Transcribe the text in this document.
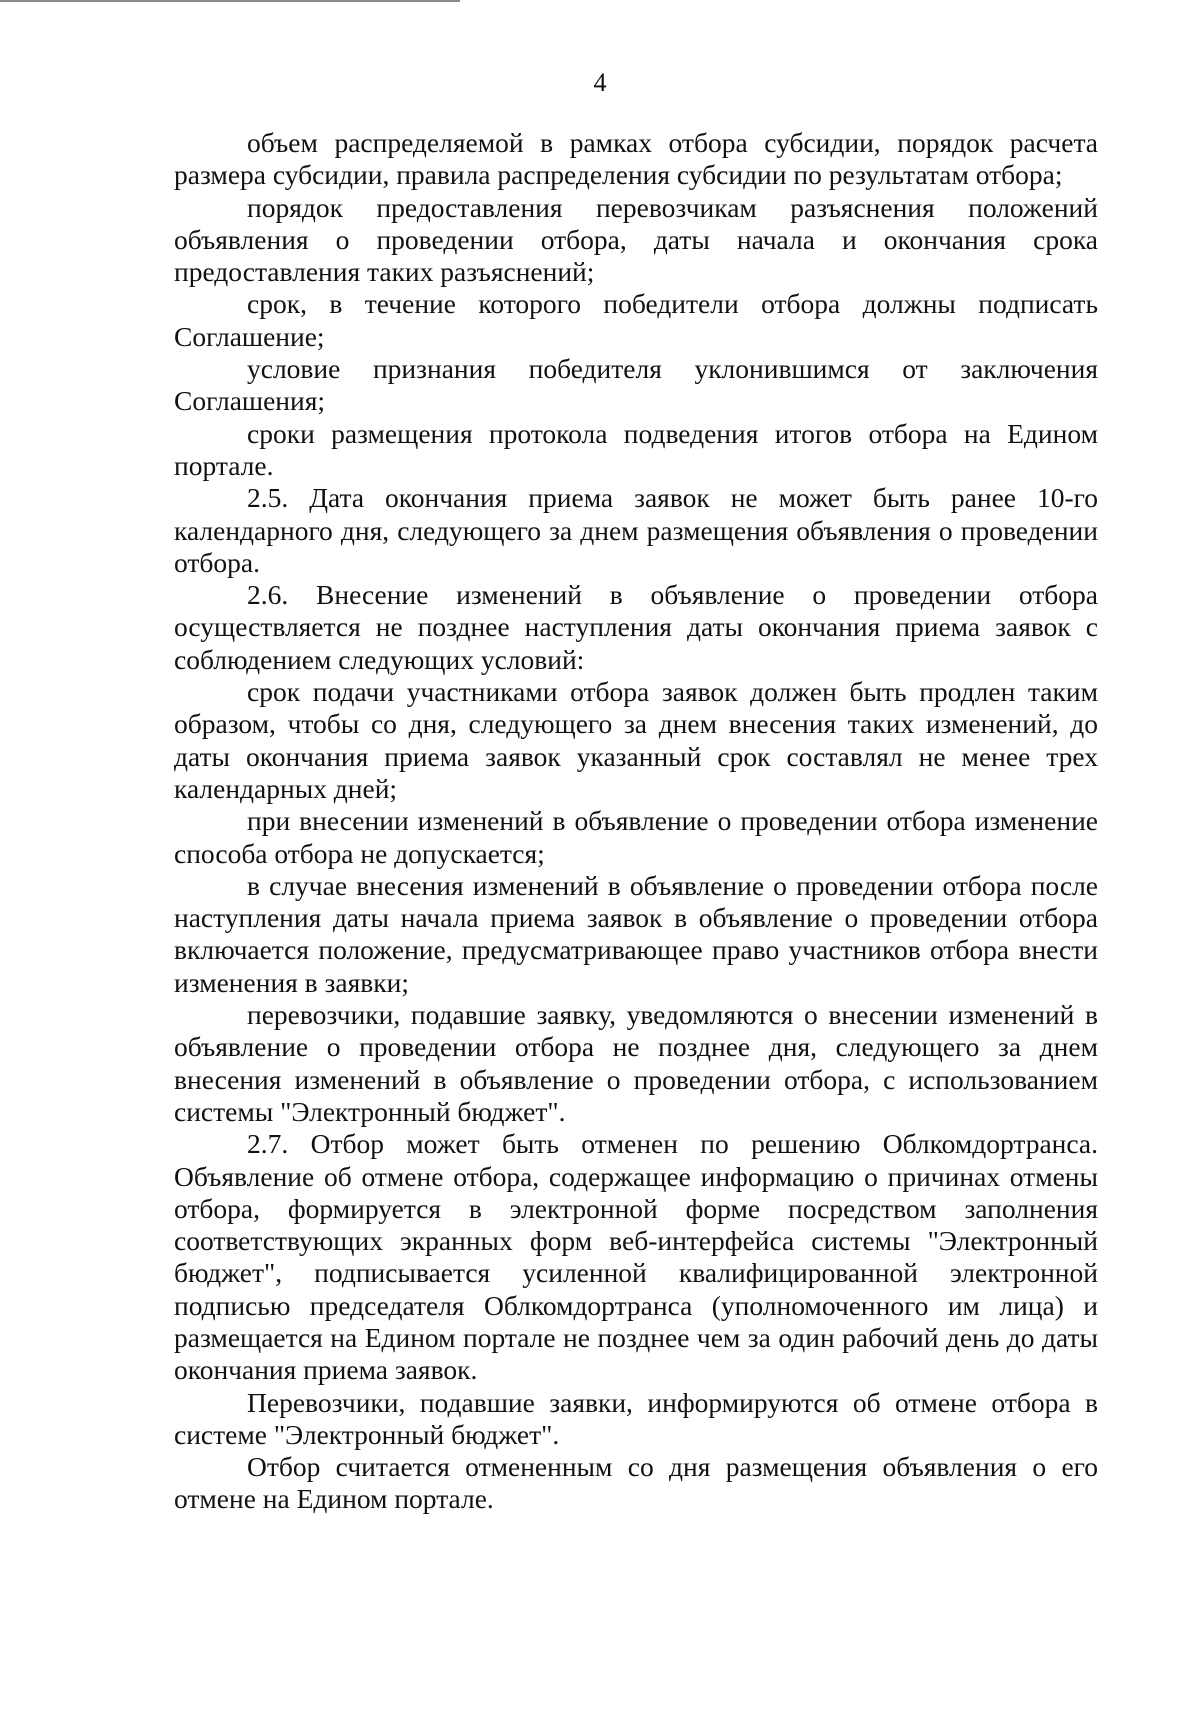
4

объем распределяемой в рамках отбора субсидии, порядок расчета размера субсидии, правила распределения субсидии по результатам отбора;

порядок предоставления перевозчикам разъяснения положений объявления о проведении отбора, даты начала и окончания срока предоставления таких разъяснений;

срок, в течение которого победители отбора должны подписать Соглашение;

условие признания победителя уклонившимся от заключения Соглашения;

сроки размещения протокола подведения итогов отбора на Едином портале.

2.5. Дата окончания приема заявок не может быть ранее 10-го календарного дня, следующего за днем размещения объявления о проведении отбора.

2.6. Внесение изменений в объявление о проведении отбора осуществляется не позднее наступления даты окончания приема заявок с соблюдением следующих условий:

срок подачи участниками отбора заявок должен быть продлен таким образом, чтобы со дня, следующего за днем внесения таких изменений, до даты окончания приема заявок указанный срок составлял не менее трех календарных дней;

при внесении изменений в объявление о проведении отбора изменение способа отбора не допускается;

в случае внесения изменений в объявление о проведении отбора после наступления даты начала приема заявок в объявление о проведении отбора включается положение, предусматривающее право участников отбора внести изменения в заявки;

перевозчики, подавшие заявку, уведомляются о внесении изменений в объявление о проведении отбора не позднее дня, следующего за днем внесения изменений в объявление о проведении отбора, с использованием системы "Электронный бюджет".

2.7. Отбор может быть отменен по решению Облкомдортранса. Объявление об отмене отбора, содержащее информацию о причинах отмены отбора, формируется в электронной форме посредством заполнения соответствующих экранных форм веб-интерфейса системы "Электронный бюджет", подписывается усиленной квалифицированной электронной подписью председателя Облкомдортранса (уполномоченного им лица) и размещается на Едином портале не позднее чем за один рабочий день до даты окончания приема заявок.

Перевозчики, подавшие заявки, информируются об отмене отбора в системе "Электронный бюджет".

Отбор считается отмененным со дня размещения объявления о его отмене на Едином портале.
